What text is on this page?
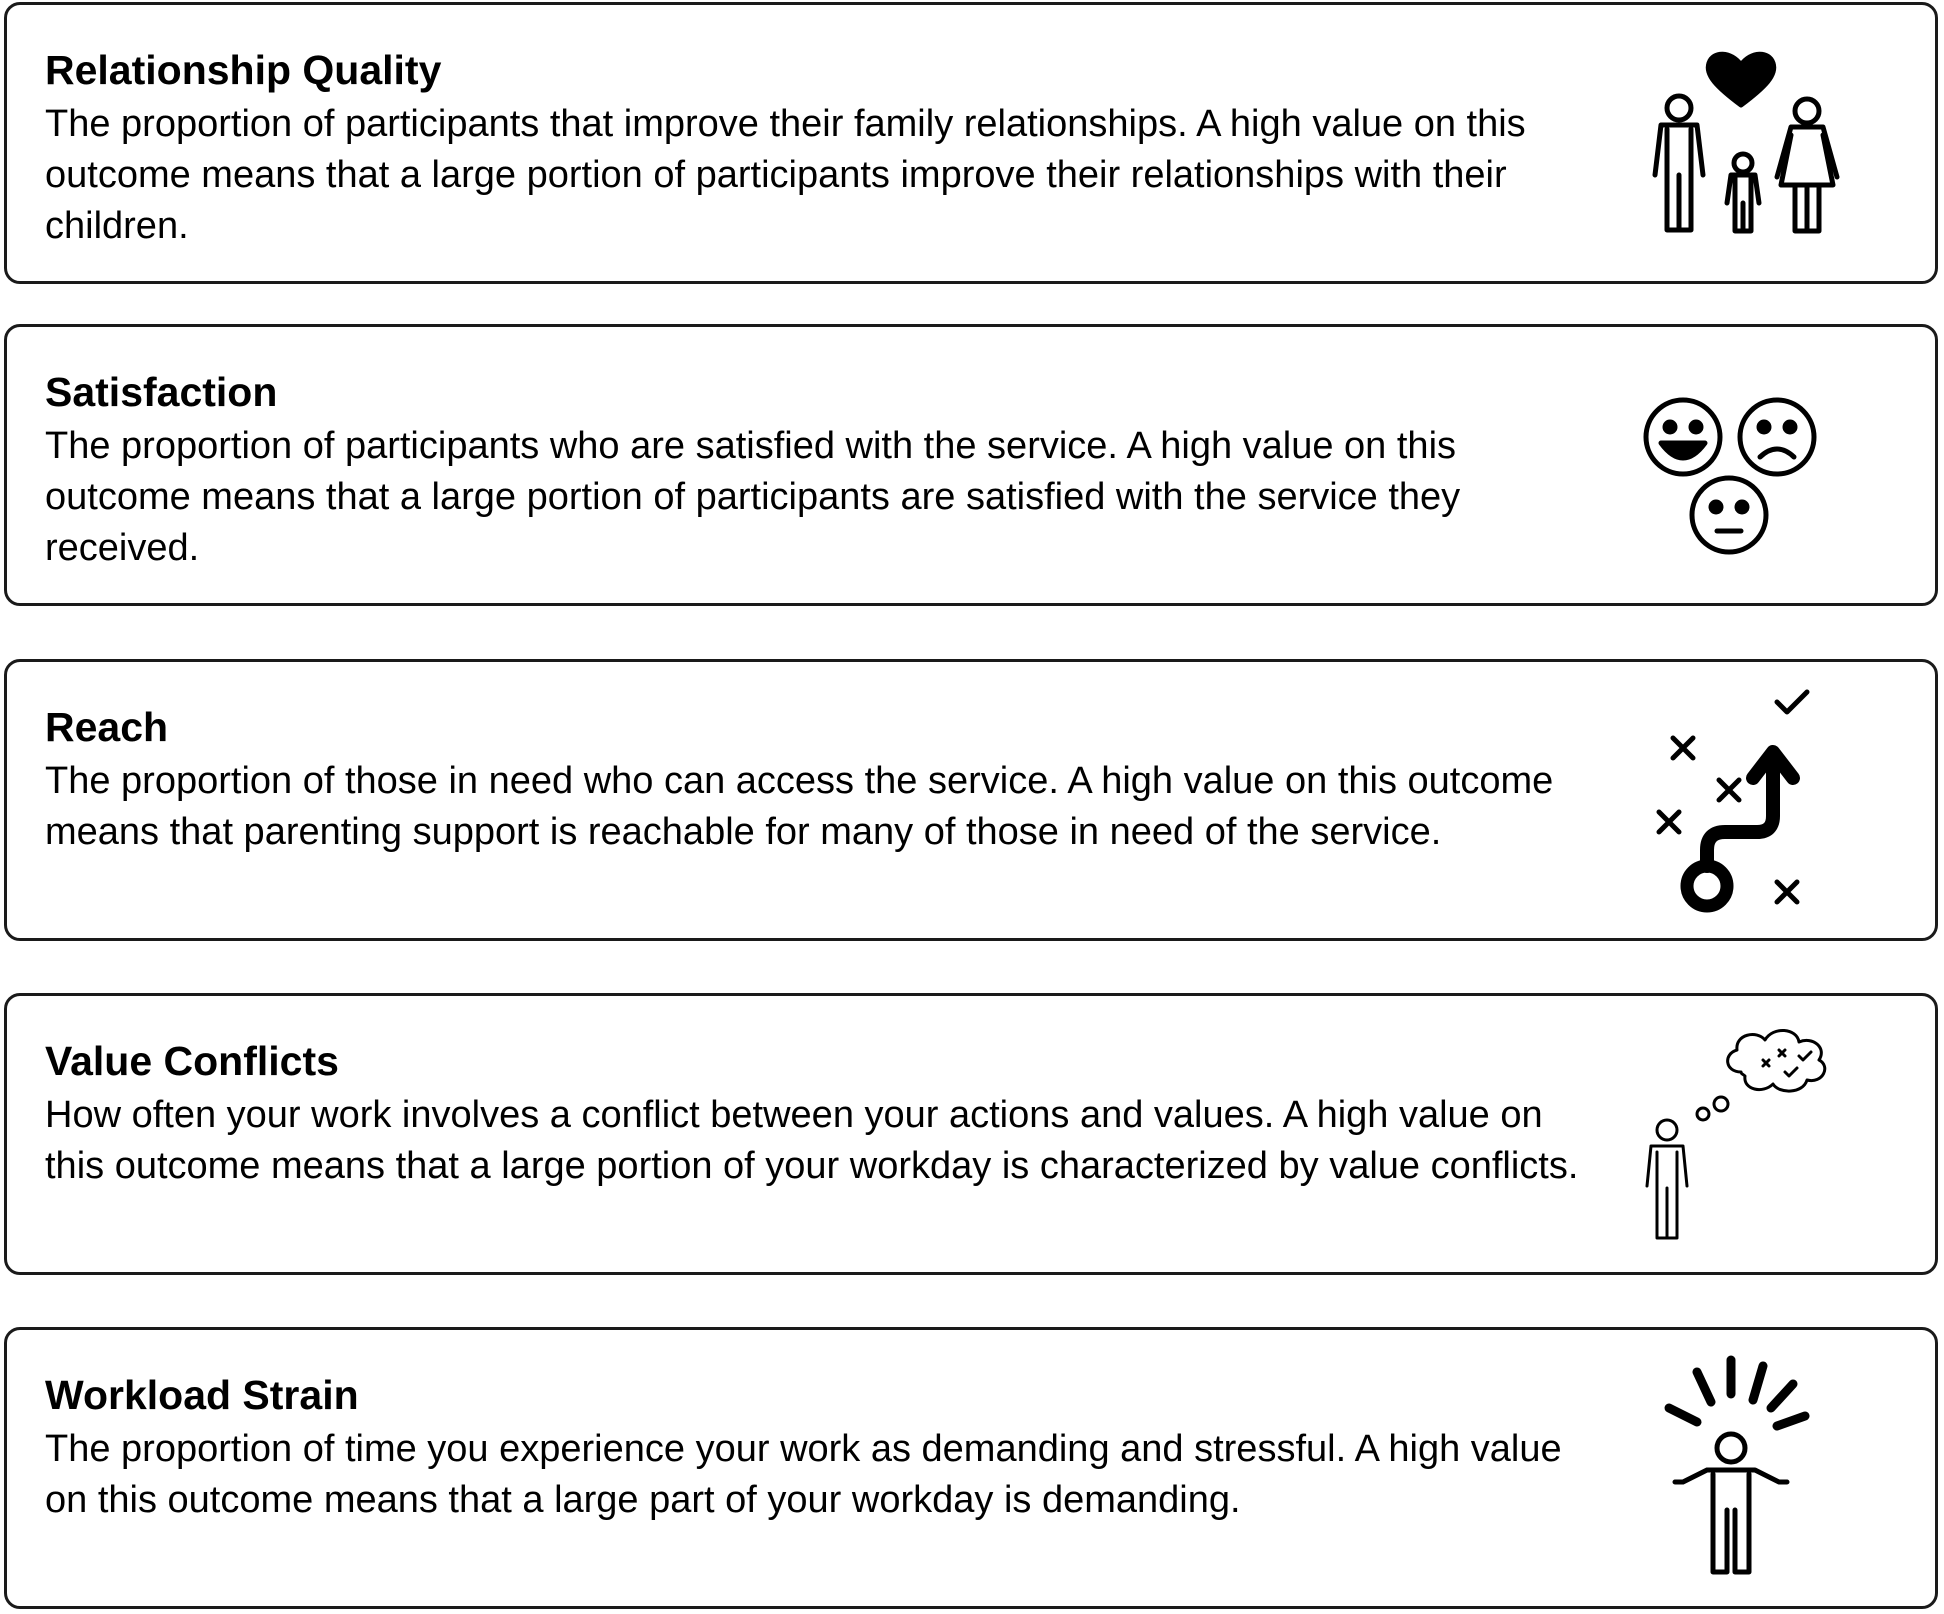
Relationship Quality

The proportion of participants that improve their family relationships. A high value on this outcome means that a large portion of participants improve their relationships with their children.

Satisfaction

The proportion of participants who are satisfied with the service. A high value on this outcome means that a large portion of participants are satisfied with the service they received.

Reach

The proportion of those in need who can access the service. A high value on this outcome means that parenting support is reachable for many of those in need of the service.

Value Conflicts

How often your work involves a conflict between your actions and values. A high value on this outcome means that a large portion of your workday is characterized by value conflicts.

Workload Strain

The proportion of time you experience your work as demanding and stressful. A high value on this outcome means that a large part of your workday is demanding.
